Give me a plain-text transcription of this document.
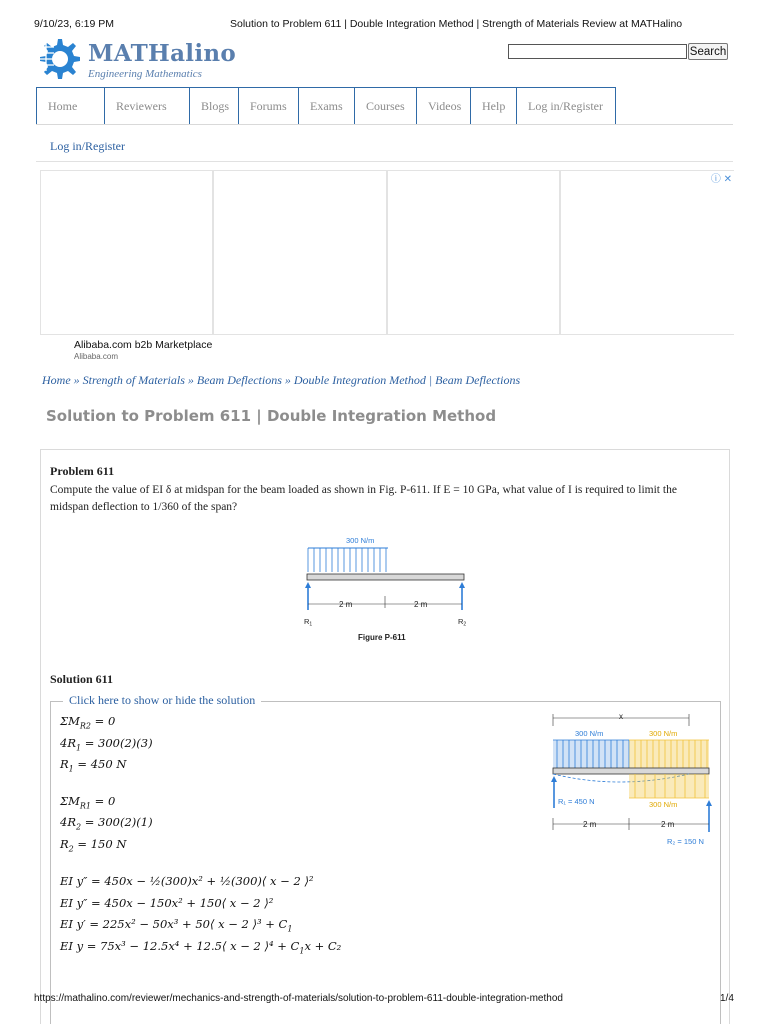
9/10/23, 6:19 PM	Solution to Problem 611 | Double Integration Method | Strength of Materials Review at MATHalino
MATHalino
Engineering Mathematics
Search
Home	Reviewers	Blogs	Forums	Exams	Courses	Videos	Help	Log in/Register
Log in/Register
ⓘ ✕
Alibaba.com b2b Marketplace
Alibaba.com
Home » Strength of Materials » Beam Deflections » Double Integration Method | Beam Deflections
Solution to Problem 611 | Double Integration Method
Problem 611
Compute the value of EI δ at midspan for the beam loaded as shown in Fig. P-611. If E = 10 GPa, what value of I is required to limit the midspan deflection to 1/360 of the span?
300 N/m
2 m	2 m
$R_1$	$R_2$
Figure P-611
Solution 611
Click here to show or hide the solution
$\Sigma M_{R2} = 0$
$4R_1 = 300(2)(3)$
$R_1 = 450$ N
$\Sigma M_{R1} = 0$
$4R_2 = 300(2)(1)$
$R_2 = 150$ N
EI y″ = 450x − ½(300)x² + ½(300)⟨ x − 2 ⟩²
EI y″ = 450x − 150x² + 150⟨ x − 2 ⟩²
EI y′ = 225x² − 50x³ + 50⟨ x − 2 ⟩³ + $C_1$
EI y = 75x³ − 12.5x⁴ + 12.5⟨ x − 2 ⟩⁴ + $C_1x + C_2$
x
300 N/m	300 N/m
300 N/m
R₁ = 450 N
R₂ = 150 N
2 m	2 m
https://mathalino.com/reviewer/mechanics-and-strength-of-materials/solution-to-problem-611-double-integration-method	1/4
